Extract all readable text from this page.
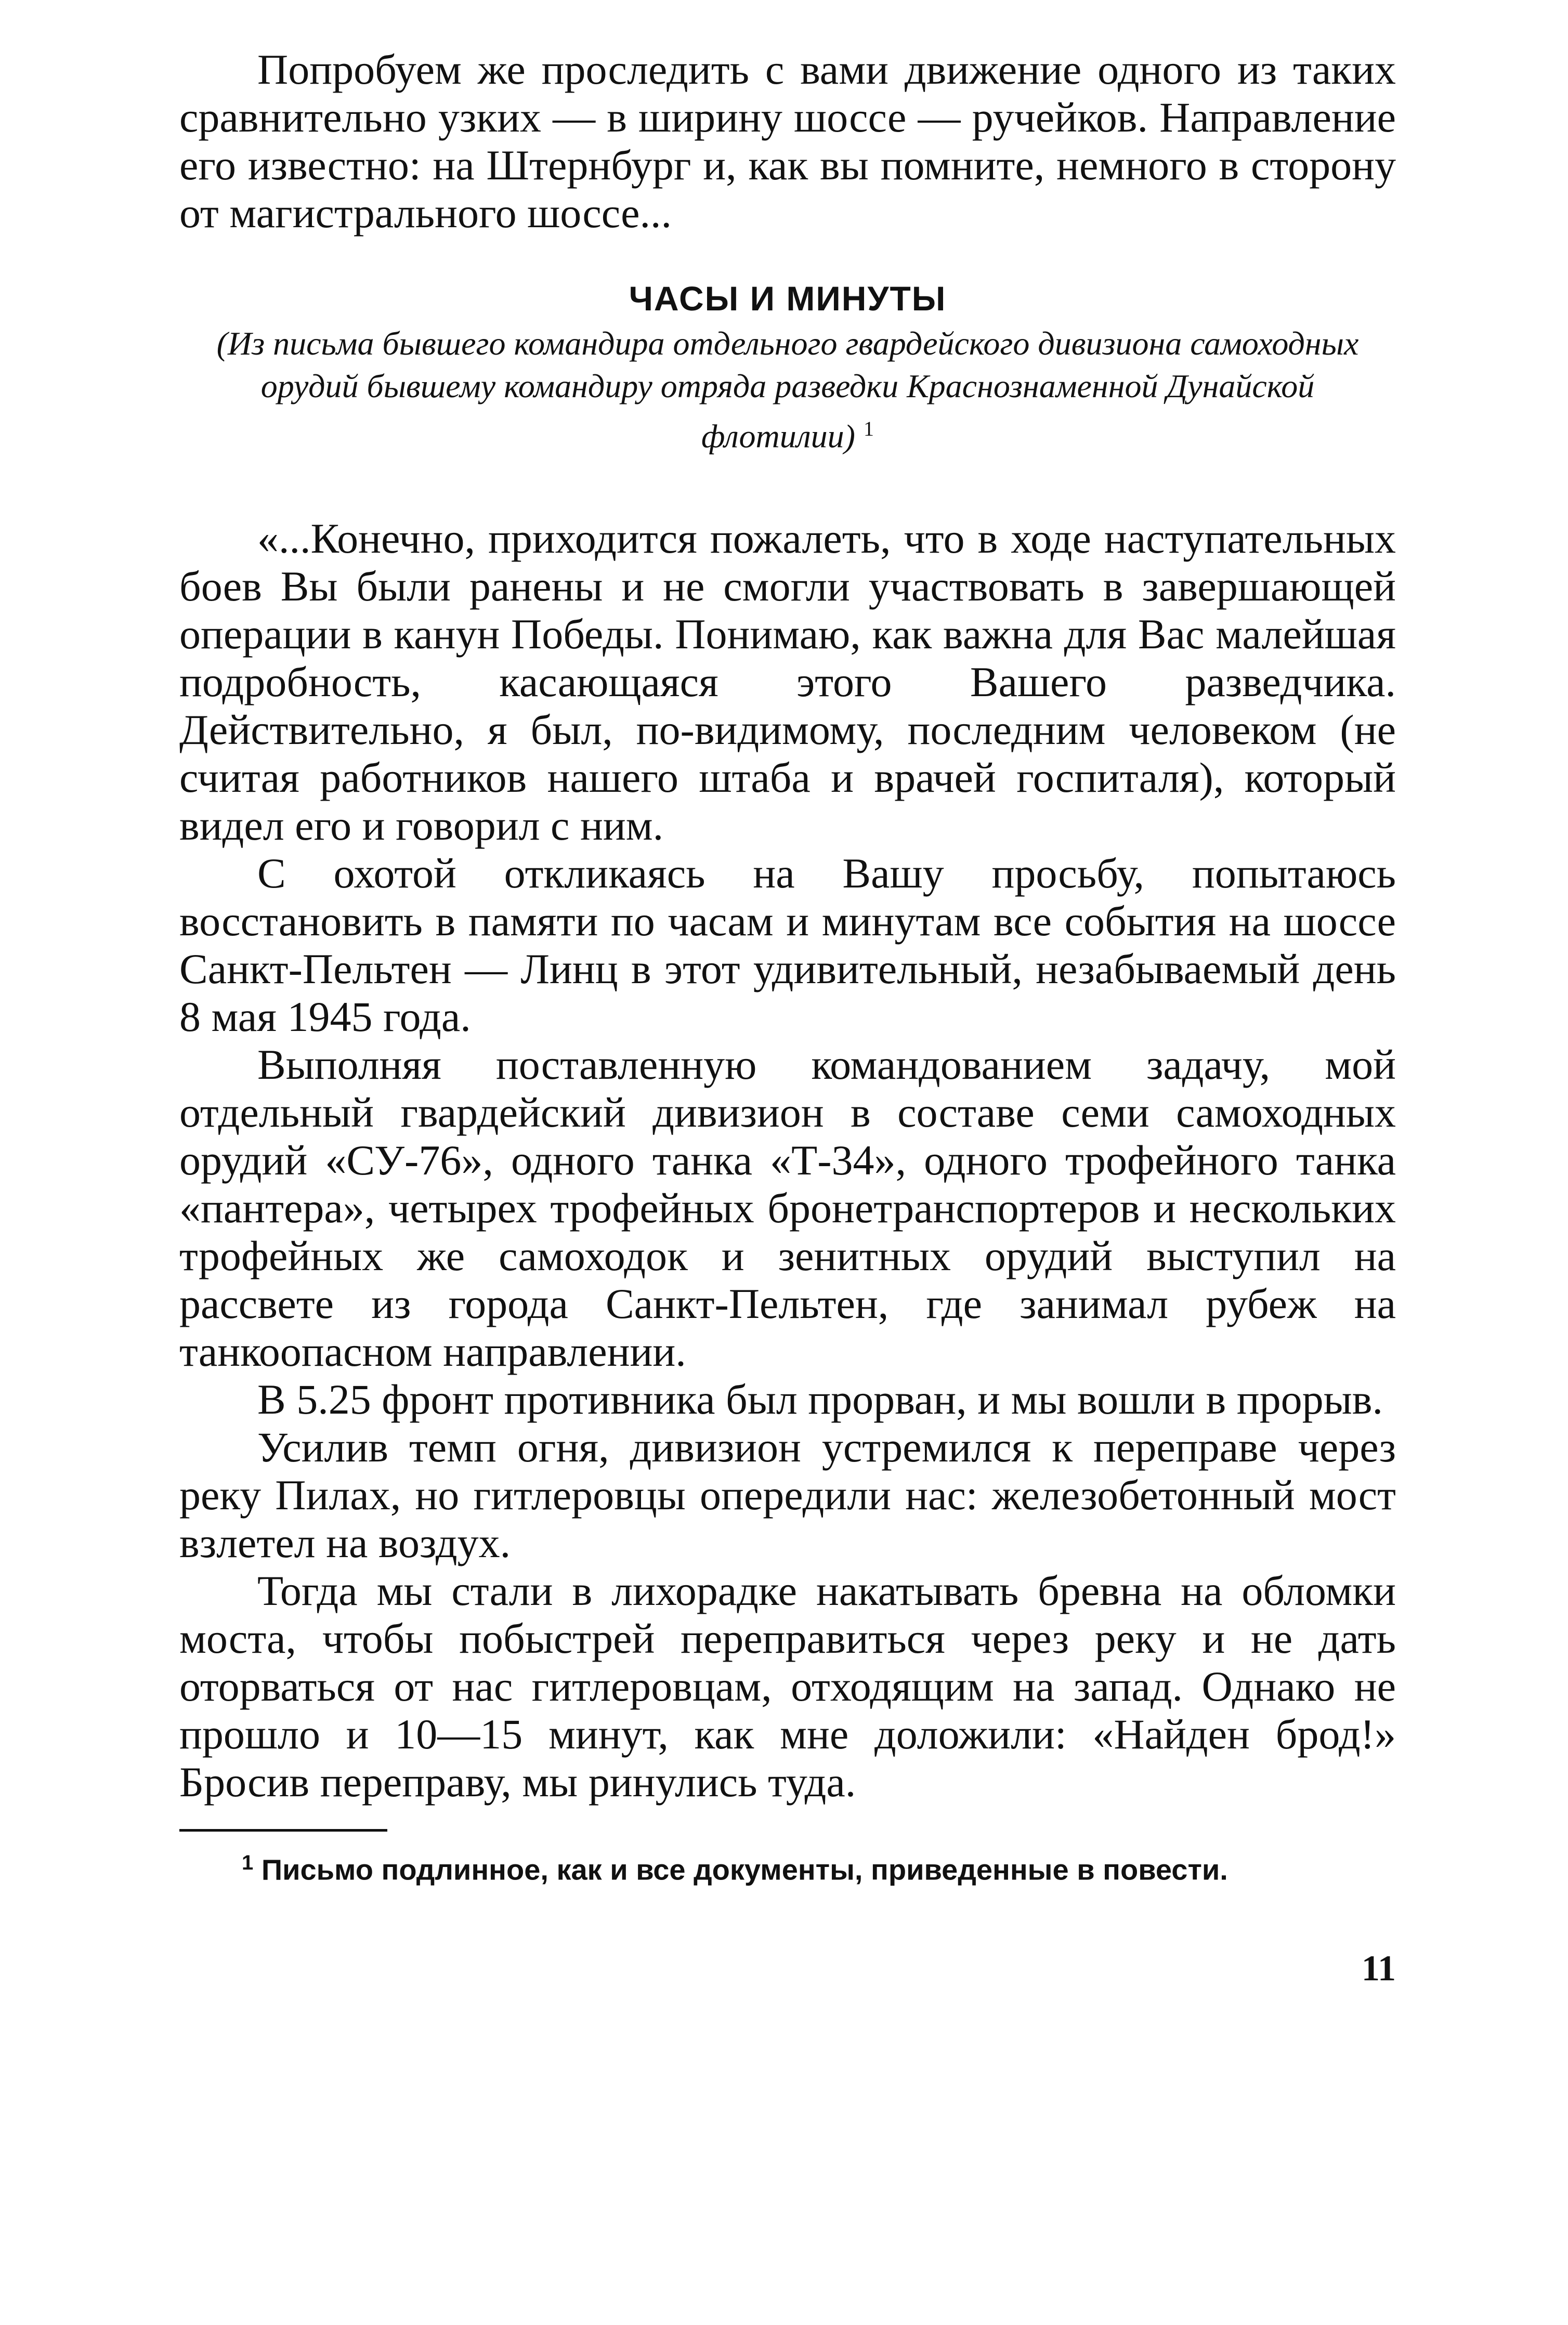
Попробуем же проследить с вами движение одного из таких сравнительно узких — в ширину шоссе — ручейков. Направление его известно: на Штернбург и, как вы помните, немного в сторону от магистрального шоссе...

ЧАСЫ И МИНУТЫ
(Из письма бывшего командира отдельного гвардейского дивизиона самоходных орудий бывшему командиру отряда разведки Краснознаменной Дунайской флотилии) $^1$

«...Конечно, приходится пожалеть, что в ходе наступательных боев Вы были ранены и не смогли участвовать в завершающей операции в канун Победы. Понимаю, как важна для Вас малейшая подробность, касающаяся этого Вашего разведчика. Действительно, я был, по-видимому, последним человеком (не считая работников нашего штаба и врачей госпиталя), который видел его и говорил с ним.

С охотой откликаясь на Вашу просьбу, попытаюсь восстановить в памяти по часам и минутам все события на шоссе Санкт-Пельтен — Линц в этот удивительный, незабываемый день 8 мая 1945 года.

Выполняя поставленную командованием задачу, мой отдельный гвардейский дивизион в составе семи самоходных орудий «СУ-76», одного танка «Т-34», одного трофейного танка «пантера», четырех трофейных бронетранспортеров и нескольких трофейных же самоходок и зенитных орудий выступил на рассвете из города Санкт-Пельтен, где занимал рубеж на танкоопасном направлении.

В 5.25 фронт противника был прорван, и мы вошли в прорыв.

Усилив темп огня, дивизион устремился к переправе через реку Пилах, но гитлеровцы опередили нас: железобетонный мост взлетел на воздух.

Тогда мы стали в лихорадке накатывать бревна на обломки моста, чтобы побыстрей переправиться через реку и не дать оторваться от нас гитлеровцам, отходящим на запад. Однако не прошло и 10—15 минут, как мне доложили: «Найден брод!» Бросив переправу, мы ринулись туда.

$^1$ Письмо подлинное, как и все документы, приведенные в повести.

11
